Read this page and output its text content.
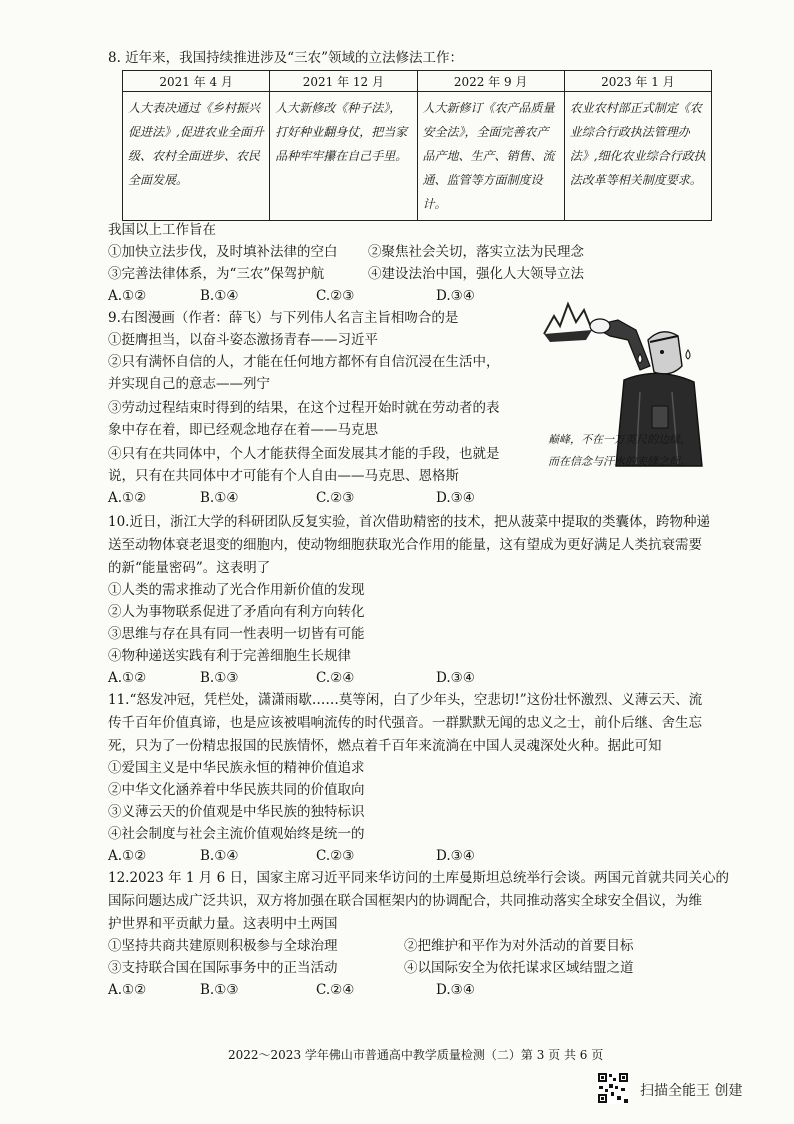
8. 近年来，我国持续推进涉及“三农”领域的立法修法工作：
2021 年 4 月	2021 年 12 月	2022 年 9 月	2023 年 1 月
人大表决通过《乡村振兴促进法》,促进农业全面升级、农村全面进步、农民全面发展。	人大新修改《种子法》，打好种业翻身仗，把当家品种牢牢攥在自己手里。	人大新修订《农产品质量安全法》，全面完善农产品产地、生产、销售、流通、监管等方面制度设计。	农业农村部正式制定《农业综合行政执法管理办法》,细化农业综合行政执法改革等相关制度要求。
我国以上工作旨在
①加快立法步伐，及时填补法律的空白 ②聚焦社会关切，落实立法为民理念
③完善法律体系，为“三农”保驾护航	④建设法治中国，强化人大领导立法
A.①②	B.①④	C.②③	D.③④
9.右图漫画（作者：薛飞）与下列伟人名言主旨相吻合的是
①挺膺担当，以奋斗姿态激扬青春——习近平
②只有满怀自信的人，才能在任何地方都怀有自信沉浸在生活中，
并实现自己的意志——列宁
③劳动过程结束时得到的结果，在这个过程开始时就在劳动者的表
象中存在着，即已经观念地存在着——马克思
④只有在共同体中，个人才能获得全面发展其才能的手段，也就是
说，只有在共同体中才可能有个人自由——马克思、恩格斯
A.①②	B.①④	C.②③	D.③④
巅峰，不在一万英尺的边缘，
而在信念与汗水的夹缝之间。
10.近日，浙江大学的科研团队反复实验，首次借助精密的技术，把从菠菜中提取的类囊体，跨物种递
送至动物体衰老退变的细胞内，使动物细胞获取光合作用的能量，这有望成为更好满足人类抗衰需要
的新“能量密码”。这表明了
①人类的需求推动了光合作用新价值的发现
②人为事物联系促进了矛盾向有利方向转化
③思维与存在具有同一性表明一切皆有可能
④物种递送实践有利于完善细胞生长规律
A.①②	B.①③	C.②④	D.③④
11.“怒发冲冠，凭栏处，潇潇雨歇……莫等闲，白了少年头，空悲切!”这份壮怀激烈、义薄云天、流
传千百年价值真谛，也是应该被唱响流传的时代强音。一群默默无闻的忠义之士，前仆后继、舍生忘
死，只为了一份精忠报国的民族情怀，燃点着千百年来流淌在中国人灵魂深处火种。据此可知
①爱国主义是中华民族永恒的精神价值追求
②中华文化涵养着中华民族共同的价值取向
③义薄云天的价值观是中华民族的独特标识
④社会制度与社会主流价值观始终是统一的
A.①②	B.①④	C.②③	D.③④
12.2023 年 1 月 6 日，国家主席习近平同来华访问的土库曼斯坦总统举行会谈。两国元首就共同关心的
国际问题达成广泛共识，双方将加强在联合国框架内的协调配合，共同推动落实全球安全倡议，为维
护世界和平贡献力量。这表明中土两国
①坚持共商共建原则积极参与全球治理	②把维护和平作为对外活动的首要目标
③支持联合国在国际事务中的正当活动	④以国际安全为依托谋求区域结盟之道
A.①②	B.①③	C.②④	D.③④
2022～2023 学年佛山市普通高中教学质量检测（二）第 3 页 共 6 页
扫描全能王 创建
